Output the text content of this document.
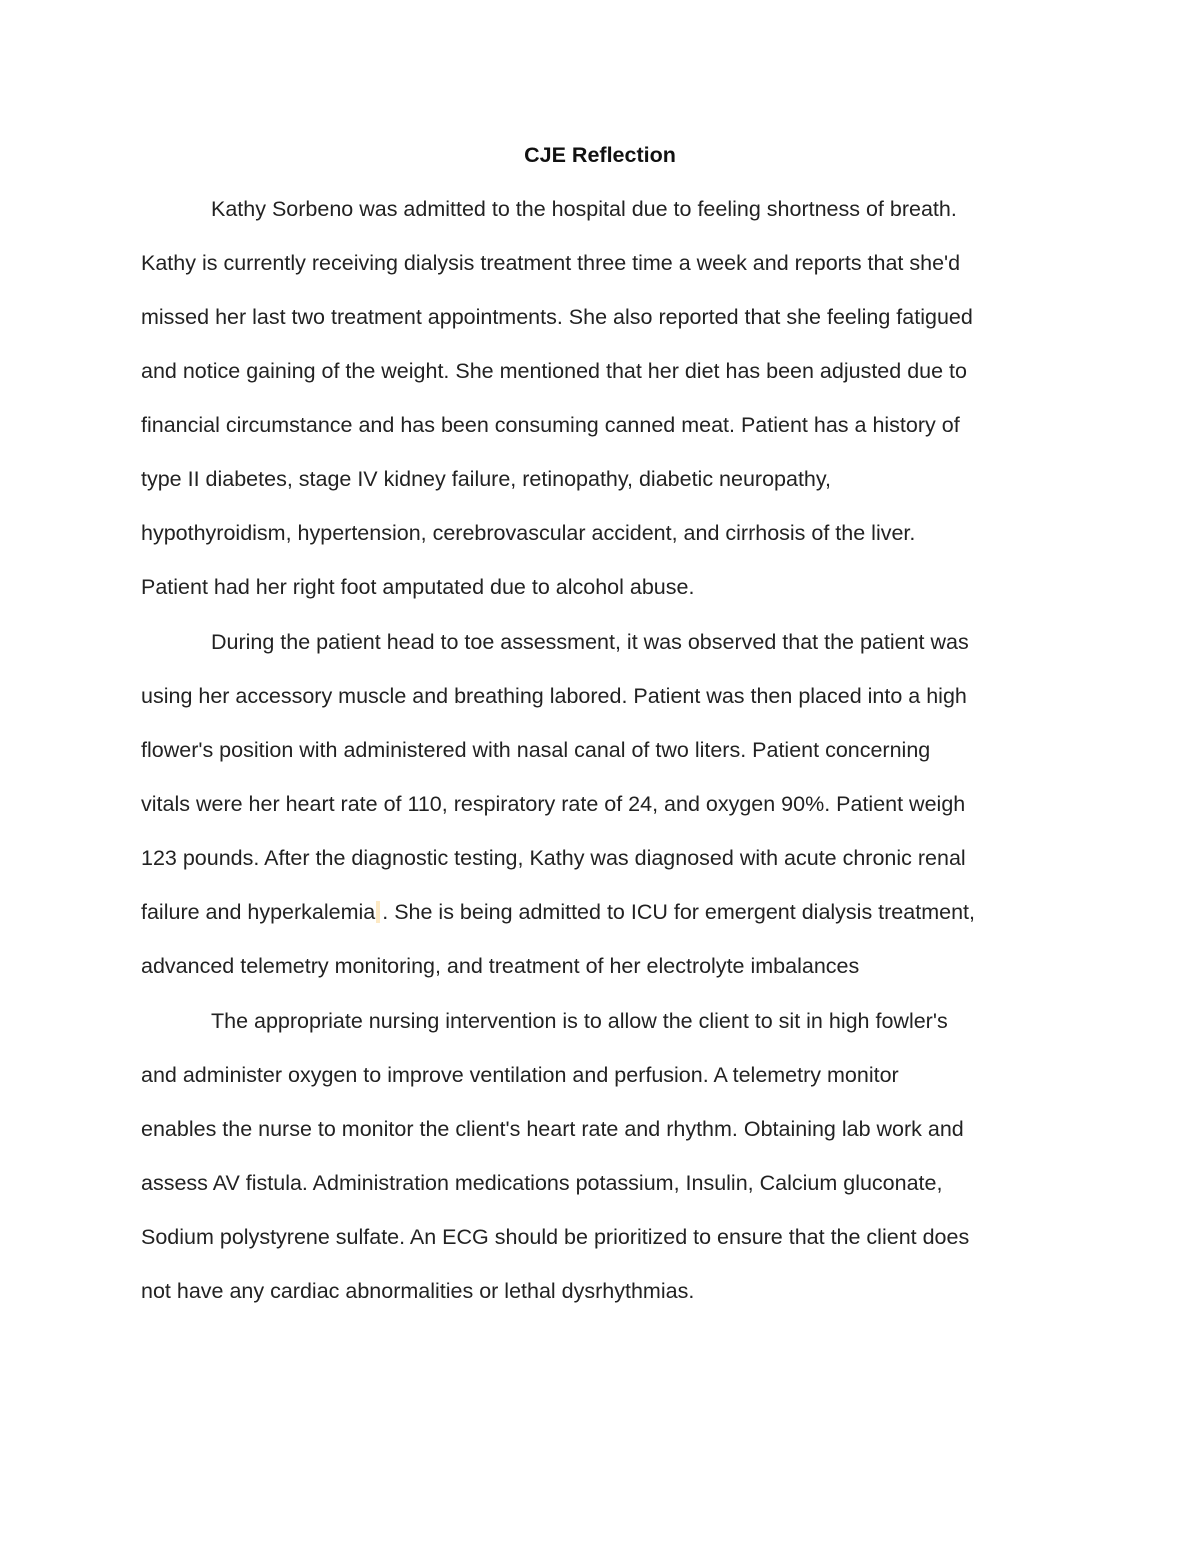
CJE Reflection

Kathy Sorbeno was admitted to the hospital due to feeling shortness of breath.

Kathy is currently receiving dialysis treatment three time a week and reports that she'd

missed her last two treatment appointments. She also reported that she feeling fatigued

and notice gaining of the weight. She mentioned that her diet has been adjusted due to

financial circumstance and has been consuming canned meat. Patient has a history of

type II diabetes, stage IV kidney failure, retinopathy, diabetic neuropathy,

hypothyroidism, hypertension, cerebrovascular accident, and cirrhosis of the liver.

Patient had her right foot amputated due to alcohol abuse.

During the patient head to toe assessment, it was observed that the patient was

using her accessory muscle and breathing labored. Patient was then placed into a high

flower's position with administered with nasal canal of two liters. Patient concerning

vitals were her heart rate of 110, respiratory rate of 24, and oxygen 90%. Patient weigh

123 pounds. After the diagnostic testing, Kathy was diagnosed with acute chronic renal

failure and hyperkalemia . She is being admitted to ICU for emergent dialysis treatment,

advanced telemetry monitoring, and treatment of her electrolyte imbalances

The appropriate nursing intervention is to allow the client to sit in high fowler's

and administer oxygen to improve ventilation and perfusion. A telemetry monitor

enables the nurse to monitor the client's heart rate and rhythm. Obtaining lab work and

assess AV fistula. Administration medications potassium, Insulin, Calcium gluconate,

Sodium polystyrene sulfate. An ECG should be prioritized to ensure that the client does

not have any cardiac abnormalities or lethal dysrhythmias.
